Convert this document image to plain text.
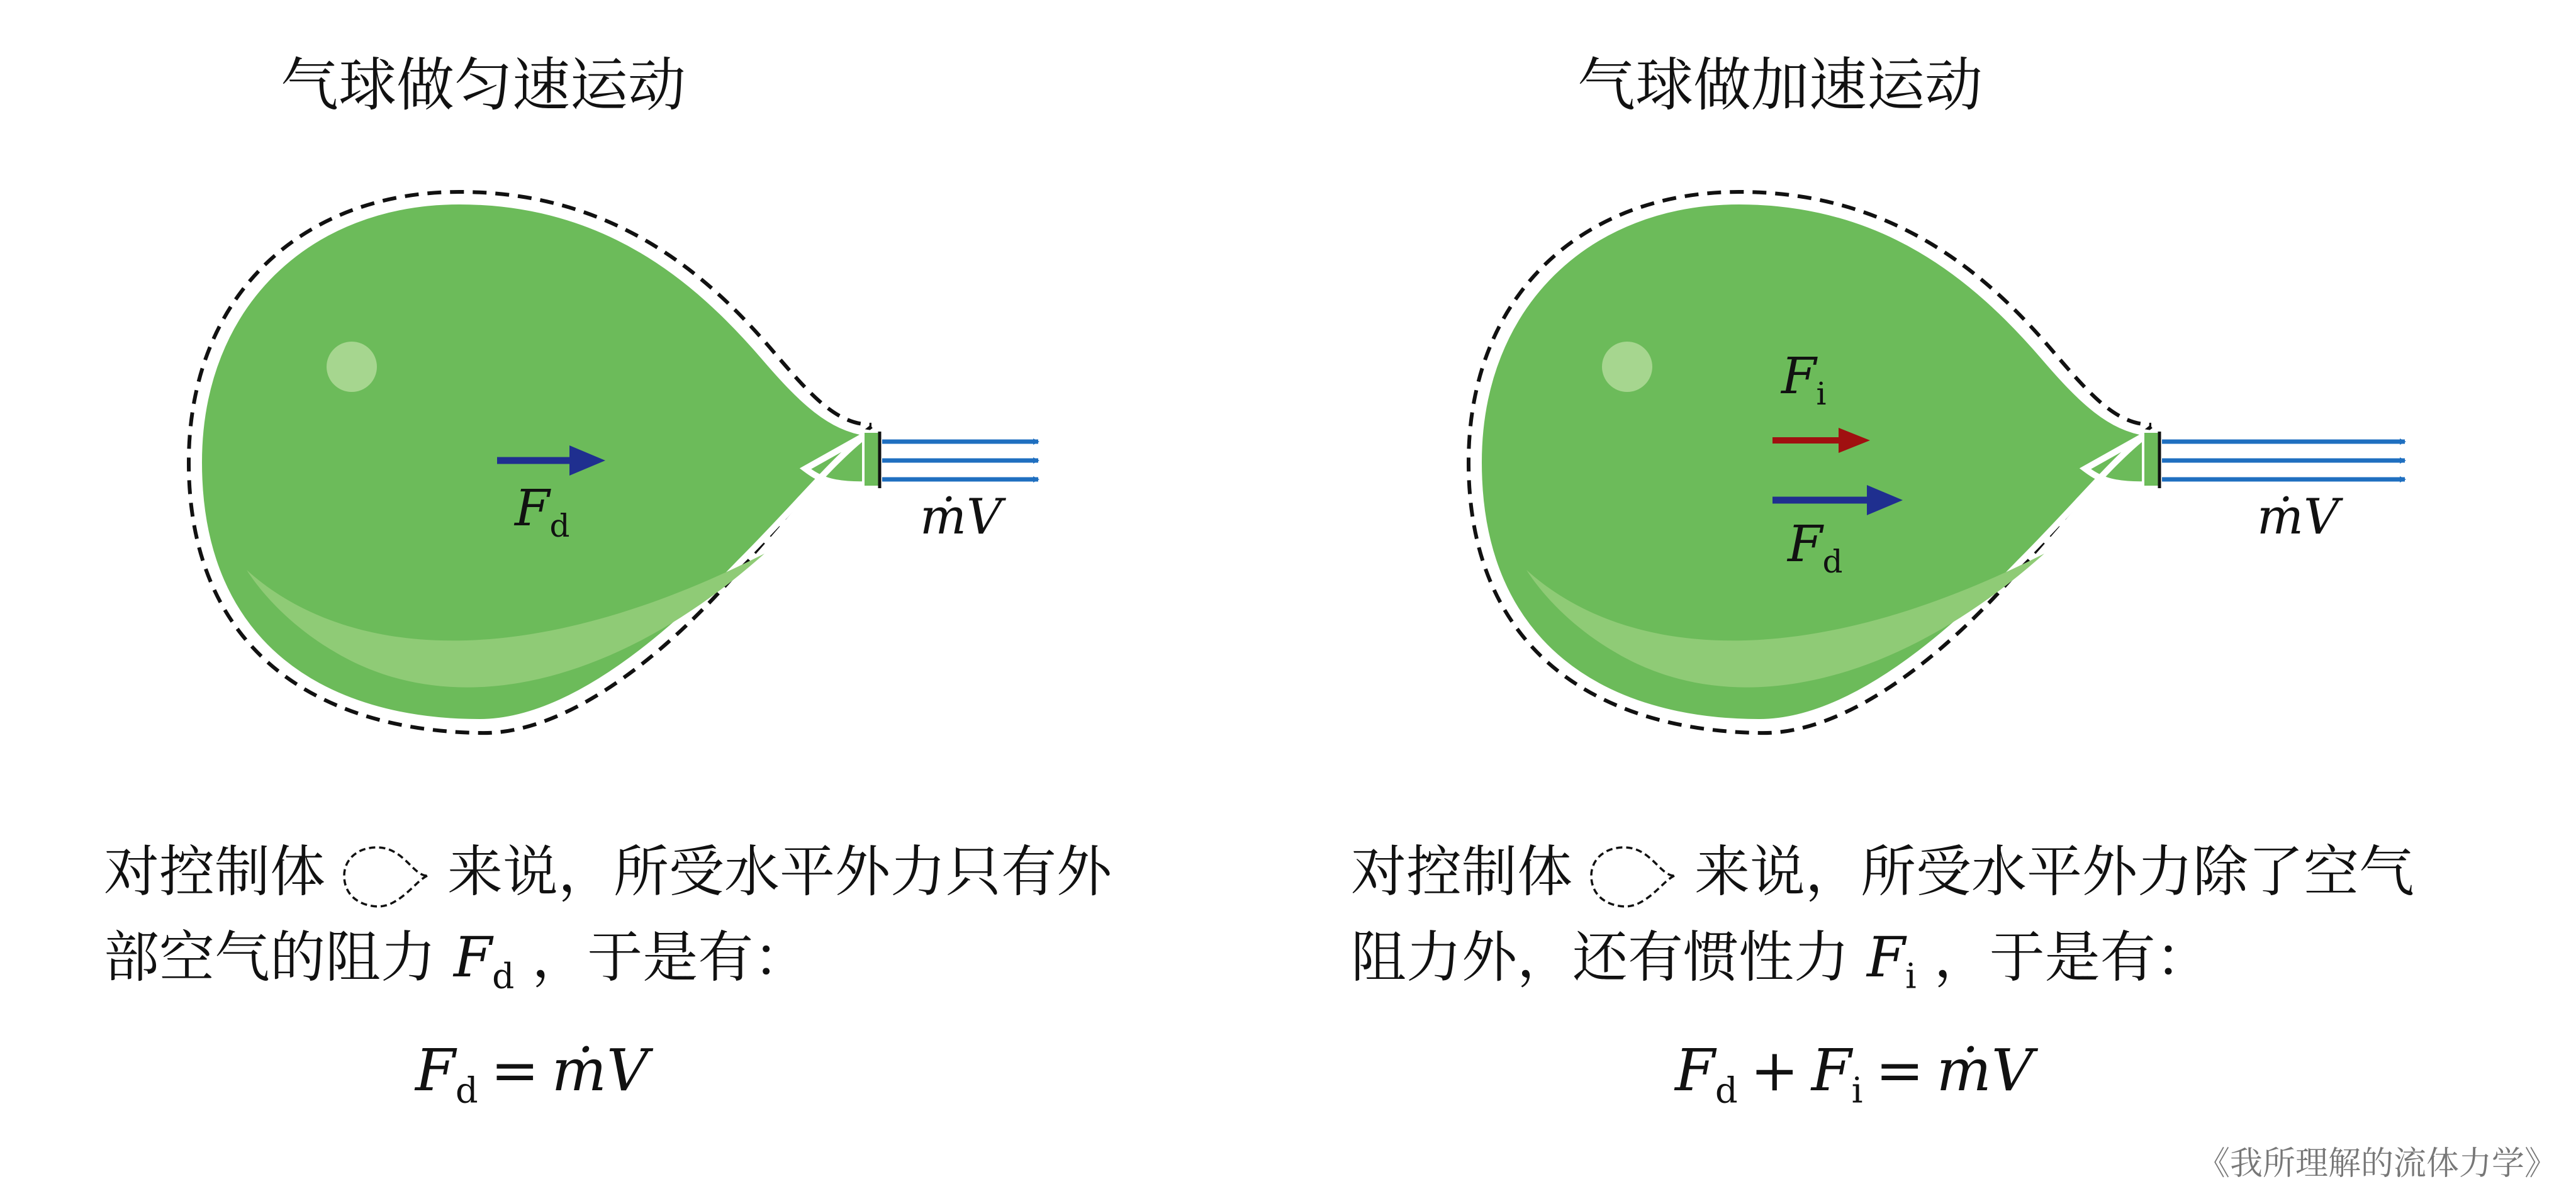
气球做匀速运动
ṁV
$F_d$
对控制体 来说，所受水平外力只有外
部空气的阻力 $F_d$ ，于是有：
$F_d$ = ṁV
气球做加速运动
ṁV
$F_i$
$F_d$
对控制体 来说，所受水平外力除了空气
阻力外，还有惯性力 $F_i$ ，于是有：
$F_d + F_i$ = ṁV
《我所理解的流体力学》
